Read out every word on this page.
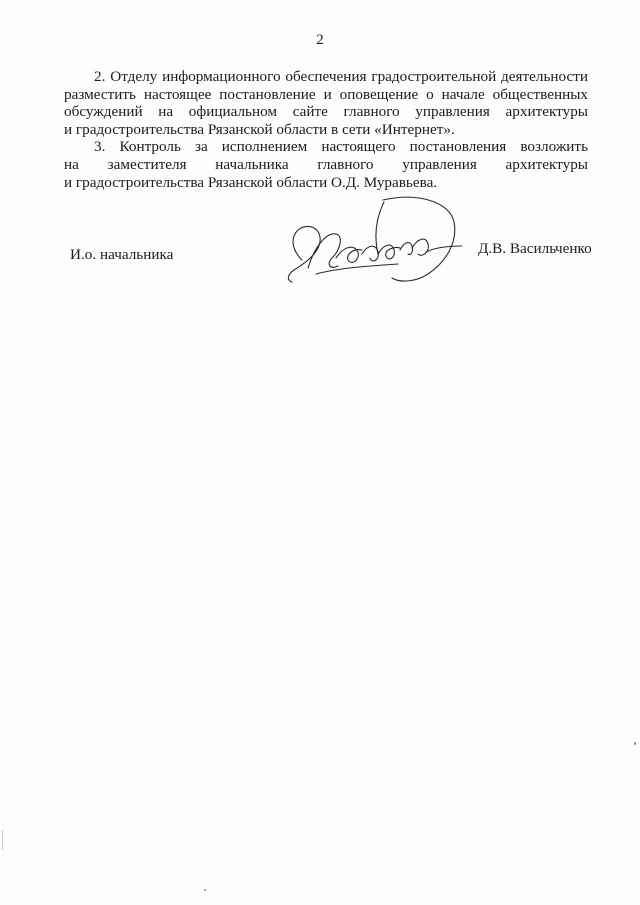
2

2. Отделу информационного обеспечения градостроительной деятельности
разместить настоящее постановление и оповещение о начале общественных
обсуждений на официальном сайте главного управления архитектуры
и градостроительства Рязанской области в сети «Интернет».

3. Контроль за исполнением настоящего постановления возложить
на заместителя начальника главного управления архитектуры
и градостроительства Рязанской области О.Д. Муравьева.

И.о. начальника	Д.В. Васильченко
